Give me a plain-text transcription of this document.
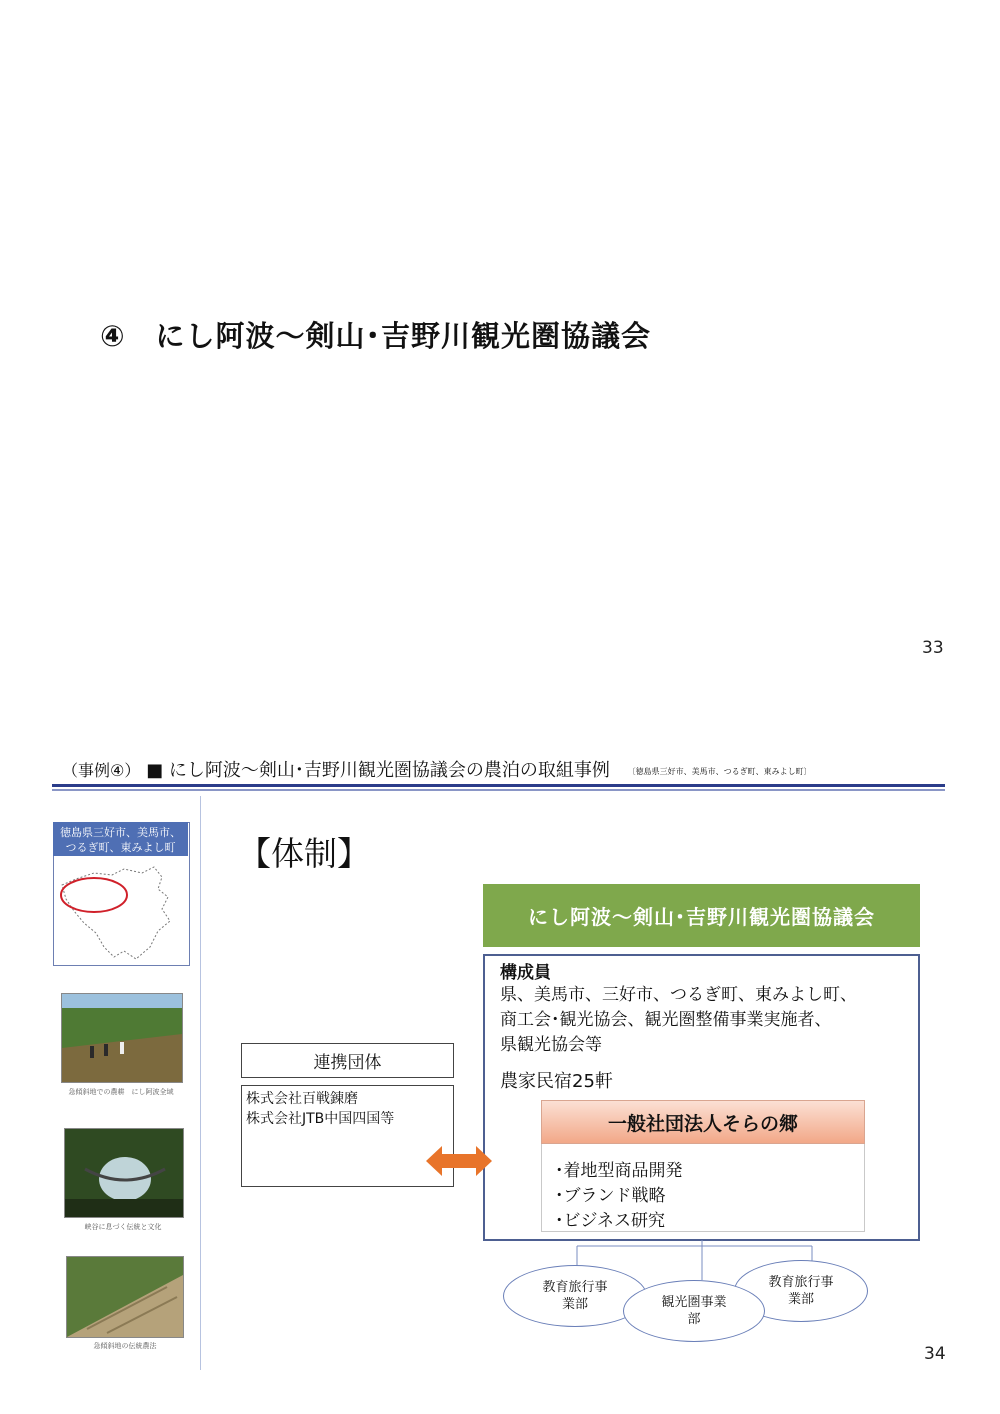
④　にし阿波～剣山･吉野川観光圏協議会
33
（事例④） ■ にし阿波～剣山･吉野川観光圏協議会の農泊の取組事例 〔徳島県三好市、美馬市、つるぎ町、東みよし町〕
徳島県三好市、美馬市、
つるぎ町、東みよし町
急傾斜地での農耕　にし阿波全域
峡谷に息づく伝統と文化
急傾斜地の伝統農法
【体制】
にし阿波～剣山･吉野川観光圏協議会
構成員
県、美馬市、三好市、つるぎ町、東みよし町、
商工会･観光協会、観光圏整備事業実施者、
県観光協会等
農家民宿25軒
一般社団法人そらの郷
･着地型商品開発
･ブランド戦略
･ビジネス研究
連携団体
株式会社百戦錬磨
株式会社JTB中国四国等
教育旅行事
業部
教育旅行事
業部
観光圏事業
部
34
